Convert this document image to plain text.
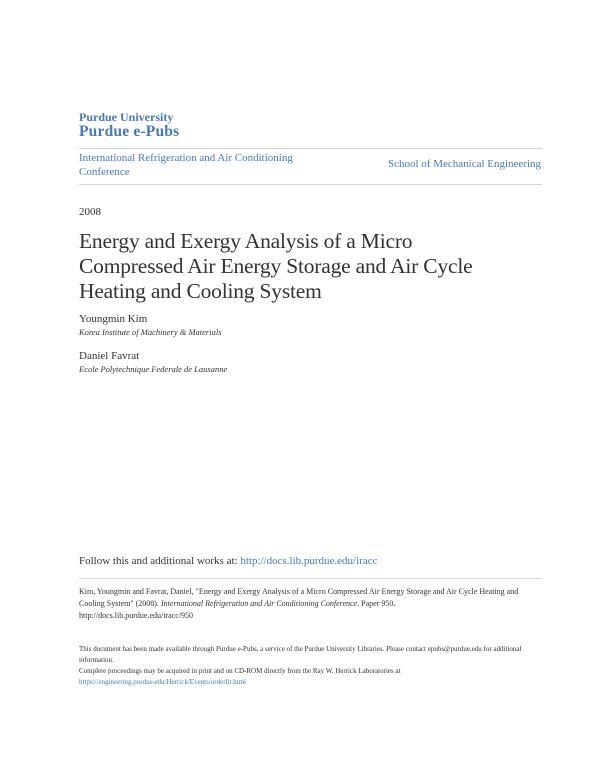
Purdue University
Purdue e-Pubs
International Refrigeration and Air Conditioning Conference
School of Mechanical Engineering
2008
Energy and Exergy Analysis of a Micro Compressed Air Energy Storage and Air Cycle Heating and Cooling System
Youngmin Kim
Korea Institute of Machinery & Materials
Daniel Favrat
Ecole Polytechnique Federale de Lausanne
Follow this and additional works at: http://docs.lib.purdue.edu/iracc
Kim, Youngmin and Favrat, Daniel, "Energy and Exergy Analysis of a Micro Compressed Air Energy Storage and Air Cycle Heating and Cooling System" (2008). International Refrigeration and Air Conditioning Conference. Paper 950.
http://docs.lib.purdue.edu/iracc/950
This document has been made available through Purdue e-Pubs, a service of the Purdue University Libraries. Please contact epubs@purdue.edu for additional information.
Complete proceedings may be acquired in print and on CD-ROM directly from the Ray W. Herrick Laboratories at https://engineering.purdue.edu/Herrick/Events/orderlit.html
